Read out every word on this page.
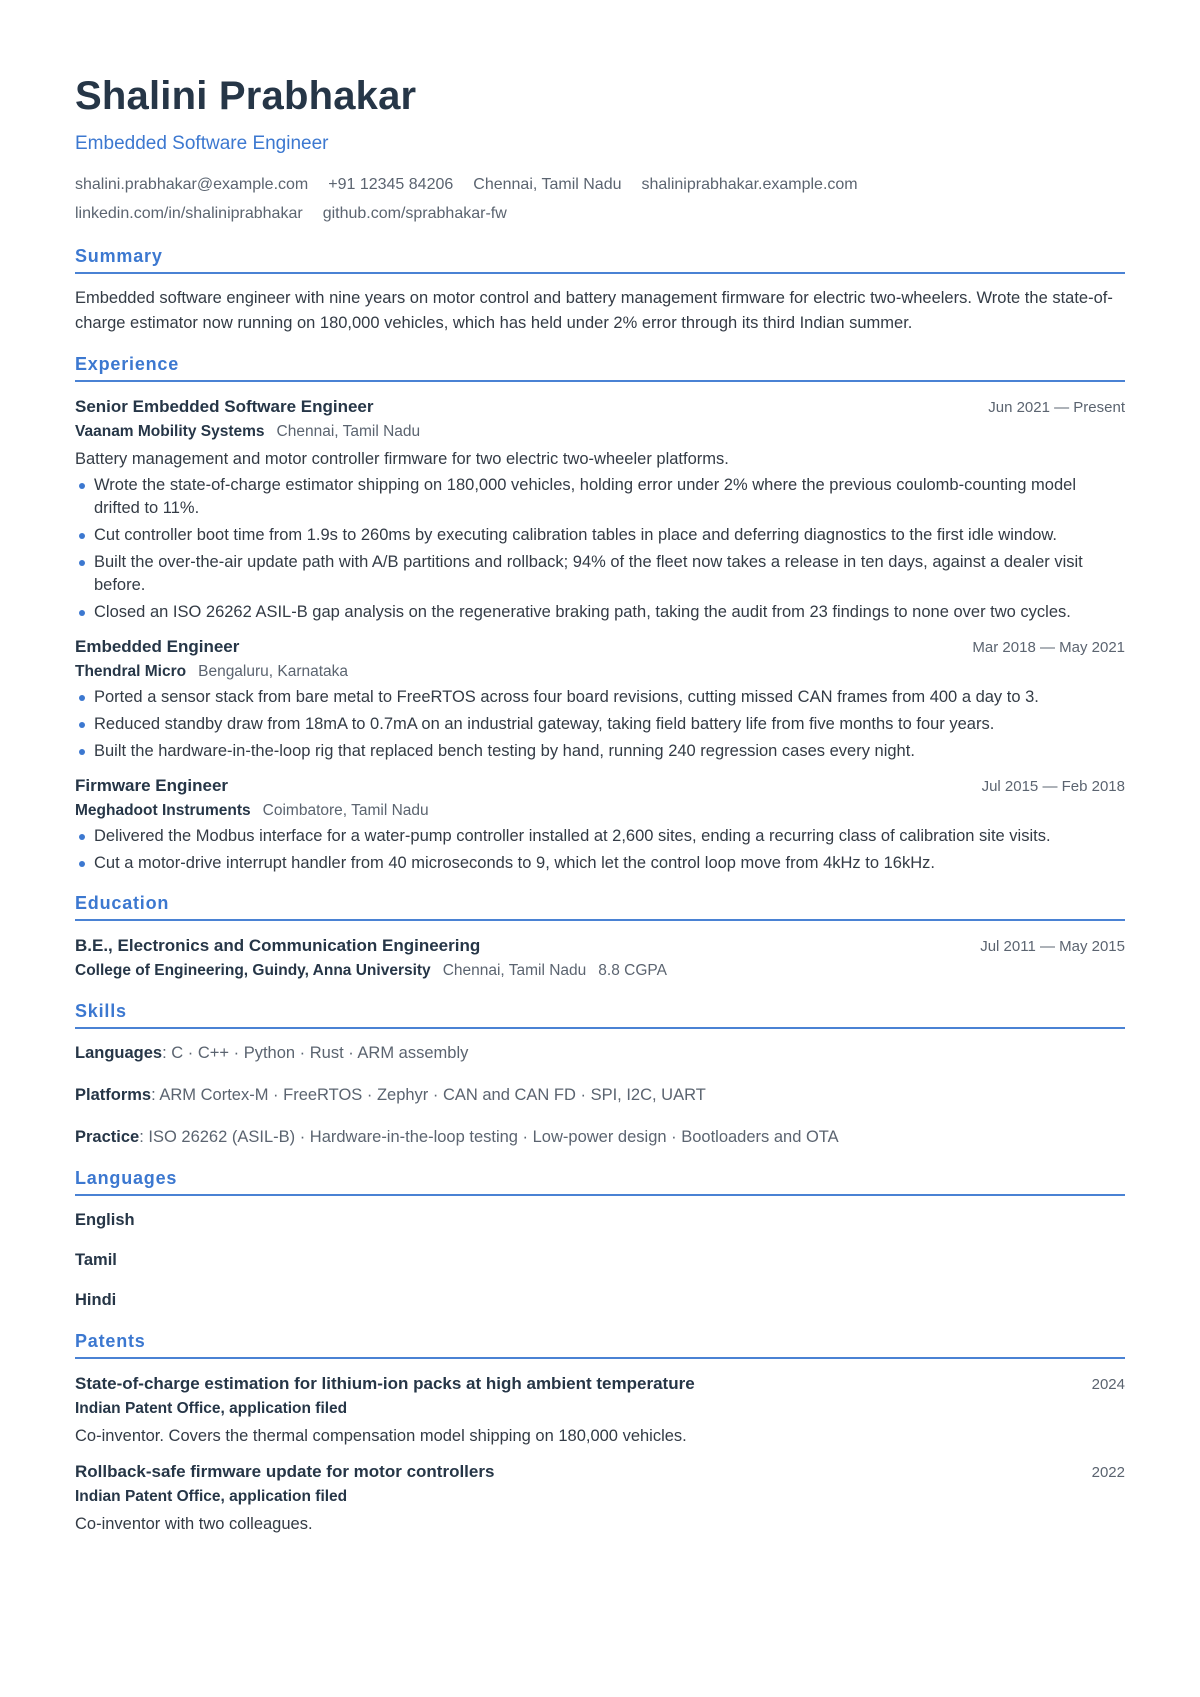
Shalini Prabhakar
Embedded Software Engineer
shalini.prabhakar@example.com +91 12345 84206 Chennai, Tamil Nadu shaliniprabhakar.example.com
linkedin.com/in/shaliniprabhakar github.com/sprabhakar-fw
Summary
Embedded software engineer with nine years on motor control and battery management firmware for electric two-wheelers. Wrote the state-of-charge estimator now running on 180,000 vehicles, which has held under 2% error through its third Indian summer.
Experience
Senior Embedded Software Engineer	Jun 2021 — Present
Vaanam Mobility Systems Chennai, Tamil Nadu
Battery management and motor controller firmware for two electric two-wheeler platforms.
Wrote the state-of-charge estimator shipping on 180,000 vehicles, holding error under 2% where the previous coulomb-counting model drifted to 11%.
Cut controller boot time from 1.9s to 260ms by executing calibration tables in place and deferring diagnostics to the first idle window.
Built the over-the-air update path with A/B partitions and rollback; 94% of the fleet now takes a release in ten days, against a dealer visit before.
Closed an ISO 26262 ASIL-B gap analysis on the regenerative braking path, taking the audit from 23 findings to none over two cycles.
Embedded Engineer	Mar 2018 — May 2021
Thendral Micro Bengaluru, Karnataka
Ported a sensor stack from bare metal to FreeRTOS across four board revisions, cutting missed CAN frames from 400 a day to 3.
Reduced standby draw from 18mA to 0.7mA on an industrial gateway, taking field battery life from five months to four years.
Built the hardware-in-the-loop rig that replaced bench testing by hand, running 240 regression cases every night.
Firmware Engineer	Jul 2015 — Feb 2018
Meghadoot Instruments Coimbatore, Tamil Nadu
Delivered the Modbus interface for a water-pump controller installed at 2,600 sites, ending a recurring class of calibration site visits.
Cut a motor-drive interrupt handler from 40 microseconds to 9, which let the control loop move from 4kHz to 16kHz.
Education
B.E., Electronics and Communication Engineering	Jul 2011 — May 2015
College of Engineering, Guindy, Anna University Chennai, Tamil Nadu 8.8 CGPA
Skills
Languages: C · C++ · Python · Rust · ARM assembly
Platforms: ARM Cortex-M · FreeRTOS · Zephyr · CAN and CAN FD · SPI, I2C, UART
Practice: ISO 26262 (ASIL-B) · Hardware-in-the-loop testing · Low-power design · Bootloaders and OTA
Languages
English
Tamil
Hindi
Patents
State-of-charge estimation for lithium-ion packs at high ambient temperature	2024
Indian Patent Office, application filed
Co-inventor. Covers the thermal compensation model shipping on 180,000 vehicles.
Rollback-safe firmware update for motor controllers	2022
Indian Patent Office, application filed
Co-inventor with two colleagues.
